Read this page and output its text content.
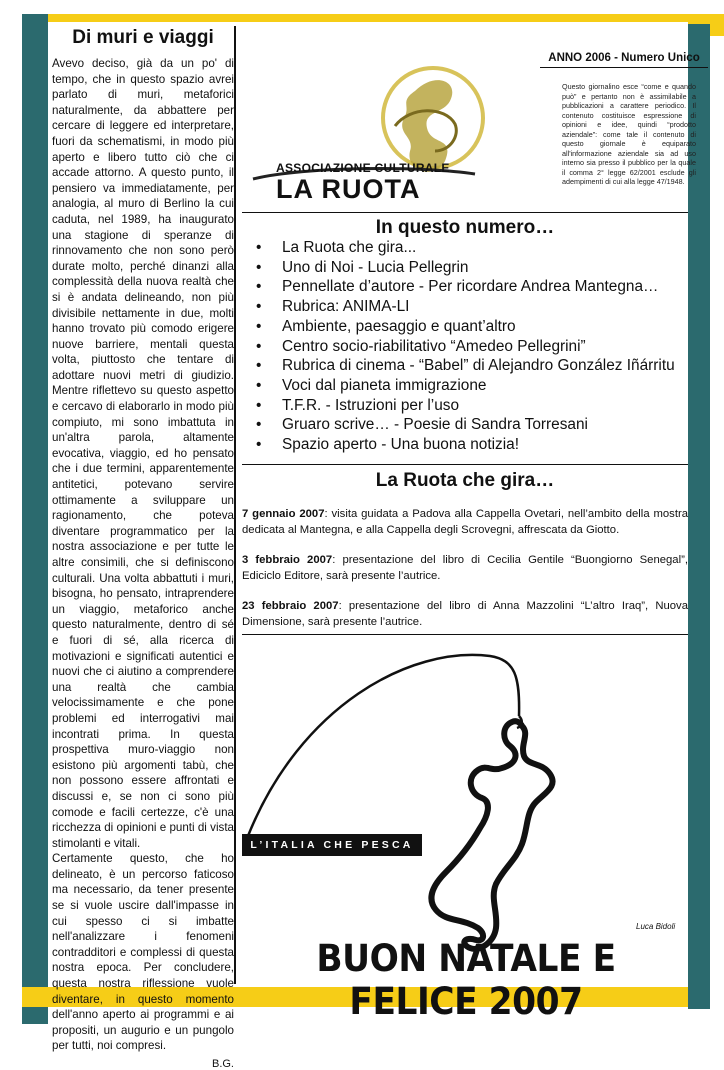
Di muri e viaggi

Avevo deciso, già da un po' di tempo, che in questo spazio avrei parlato di muri, metaforici naturalmente, da abbattere per cercare di leggere ed interpretare, fuori da schematismi, in modo più aperto e libero tutto ciò che ci accade attorno. A questo punto, il pensiero va immediatamente, per analogia, al muro di Berlino la cui caduta, nel 1989, ha inaugurato una stagione di speranze di rinnovamento che non sono però durate molto, perché dinanzi alla complessità della nuova realtà che si è andata delineando, non più divisibile nettamente in due, molti hanno trovato più comodo erigere nuove barriere, mentali questa volta, piuttosto che tentare di adottare nuovi metri di giudizio. Mentre riflettevo su questo aspetto e cercavo di elaborarlo in modo più compiuto, mi sono imbattuta in un'altra parola, altamente evocativa, viaggio, ed ho pensato che i due termini, apparentemente antitetici, potevano servire ottimamente a sviluppare un ragionamento, che poteva diventare programmatico per la nostra associazione e per tutte le altre consimili, che si definiscono culturali. Una volta abbattuti i muri, bisogna, ho pensato, intraprendere un viaggio, metaforico anche questo naturalmente, dentro di sé e fuori di sé, alla ricerca di motivazioni e significati autentici e nuovi che ci aiutino a comprendere una realtà che cambia velocissimamente e che pone problemi ed interrogativi mai incontrati prima. In questa prospettiva muro-viaggio non esistono più argomenti tabù, che non possono essere affrontati e discussi e, se non ci sono più comode e facili certezze, c'è una ricchezza di opinioni e punti di vista stimolanti e vitali.

Certamente questo, che ho delineato, è un percorso faticoso ma necessario, da tener presente se si vuole uscire dall'impasse in cui spesso ci si imbatte nell'analizzare i fenomeni contradditori e complessi di questa nostra epoca. Per concludere, questa nostra riflessione vuole diventare, in questo momento dell'anno aperto ai programmi e ai propositi, un augurio e un pungolo per tutti, noi compresi.

B.G.
ANNO 2006 - Numero Unico
Questo giornalino esce “come e quando può” e pertanto non è assimilabile a pubblicazioni a carattere periodico. Il contenuto costituisce espressione di opinioni e idee, quindi “prodotto aziendale”: come tale il contenuto di questo giornale è equiparato all'informazione aziendale sia ad uso interno sia presso il pubblico per la quale il comma 2° legge 62/2001 esclude gli adempimenti di cui alla legge 47/1948.
ASSOCIAZIONE CULTURALE
LA RUOTA
In questo numero…
• La Ruota che gira...
• Uno di Noi - Lucia Pellegrin
• Pennellate d’autore - Per ricordare Andrea Mantegna…
• Rubrica: ANIMA-LI
• Ambiente, paesaggio e quant’altro
• Centro socio-riabilitativo “Amedeo Pellegrini”
• Rubrica di cinema - “Babel” di Alejandro González Iñárritu
• Voci dal pianeta immigrazione
• T.F.R. - Istruzioni per l’uso
• Gruaro scrive… - Poesie di Sandra Torresani
• Spazio aperto - Una buona notizia!
La Ruota che gira…

7 gennaio 2007: visita guidata a Padova alla Cappella Ovetari, nell’ambito della mostra dedicata al Mantegna, e alla Cappella degli Scrovegni, affrescata da Giotto.

3 febbraio 2007: presentazione del libro di Cecilia Gentile “Buongiorno Senegal”, Ediciclo Editore, sarà presente l’autrice.

23 febbraio 2007: presentazione del libro di Anna Mazzolini “L’altro Iraq”, Nuova Dimensione, sarà presente l’autrice.

L’ITALIA CHE PESCA
Luca Bidoli
BUON NATALE E FELICE 2007
